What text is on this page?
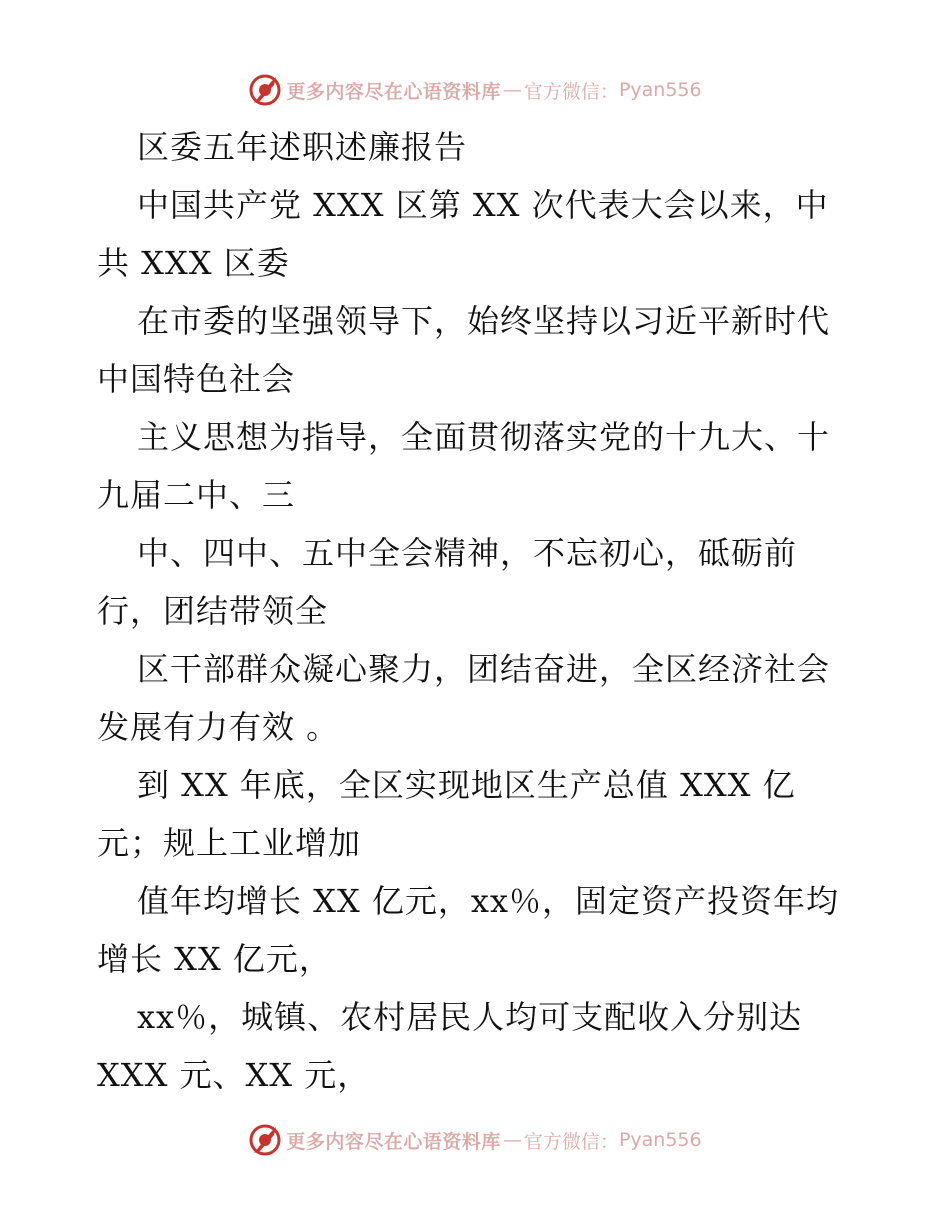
更多内容尽在心语资料库 — 官方微信： Pyan556
区委五年述职述廉报告
中国共产党 XXX 区第 XX 次代表大会以来，中
共 XXX 区委
在市委的坚强领导下，始终坚持以习近平新时代
中国特色社会
主义思想为指导，全面贯彻落实党的十九大、十
九届二中、三
中、四中、五中全会精神，不忘初心，砥砺前
行，团结带领全
区干部群众凝心聚力，团结奋进，全区经济社会
发展有力有效 。
到 XX 年底，全区实现地区生产总值 XXX 亿
元；规上工业增加
值年均增长 XX 亿元，xx％，固定资产投资年均
增长 XX 亿元，
xx％，城镇、农村居民人均可支配收入分别达
XXX 元、XX 元，
更多内容尽在心语资料库 — 官方微信： Pyan556
